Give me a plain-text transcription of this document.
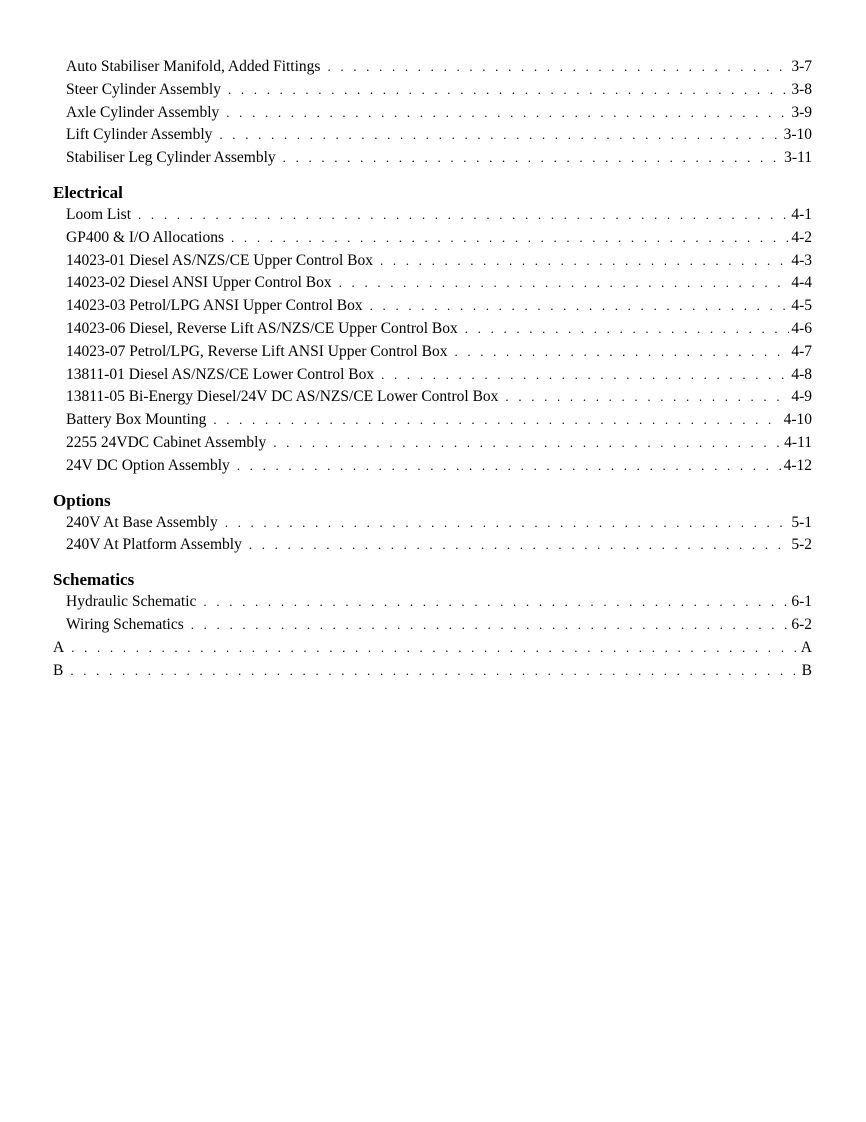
Auto Stabiliser Manifold, Added Fittings . . .	3-7
Steer Cylinder Assembly . . .	3-8
Axle Cylinder Assembly . . .	3-9
Lift Cylinder Assembly . . .	3-10
Stabiliser Leg Cylinder Assembly . . .	3-11
Electrical
Loom List . . .	4-1
GP400 & I/O Allocations . . .	4-2
14023-01 Diesel AS/NZS/CE Upper Control Box . . .	4-3
14023-02 Diesel ANSI Upper Control Box . . .	4-4
14023-03 Petrol/LPG ANSI Upper Control Box . . .	4-5
14023-06 Diesel, Reverse Lift AS/NZS/CE Upper Control Box . . .	4-6
14023-07 Petrol/LPG, Reverse Lift ANSI Upper Control Box . . .	4-7
13811-01 Diesel AS/NZS/CE Lower Control Box . . .	4-8
13811-05 Bi-Energy Diesel/24V DC AS/NZS/CE Lower Control Box . . .	4-9
Battery Box Mounting . . .	4-10
2255 24VDC Cabinet Assembly . . .	4-11
24V DC Option Assembly . . .	4-12
Options
240V At Base Assembly . . .	5-1
240V At Platform Assembly . . .	5-2
Schematics
Hydraulic Schematic . . .	6-1
Wiring Schematics . . .	6-2
A . . .	A
B . . .	B
